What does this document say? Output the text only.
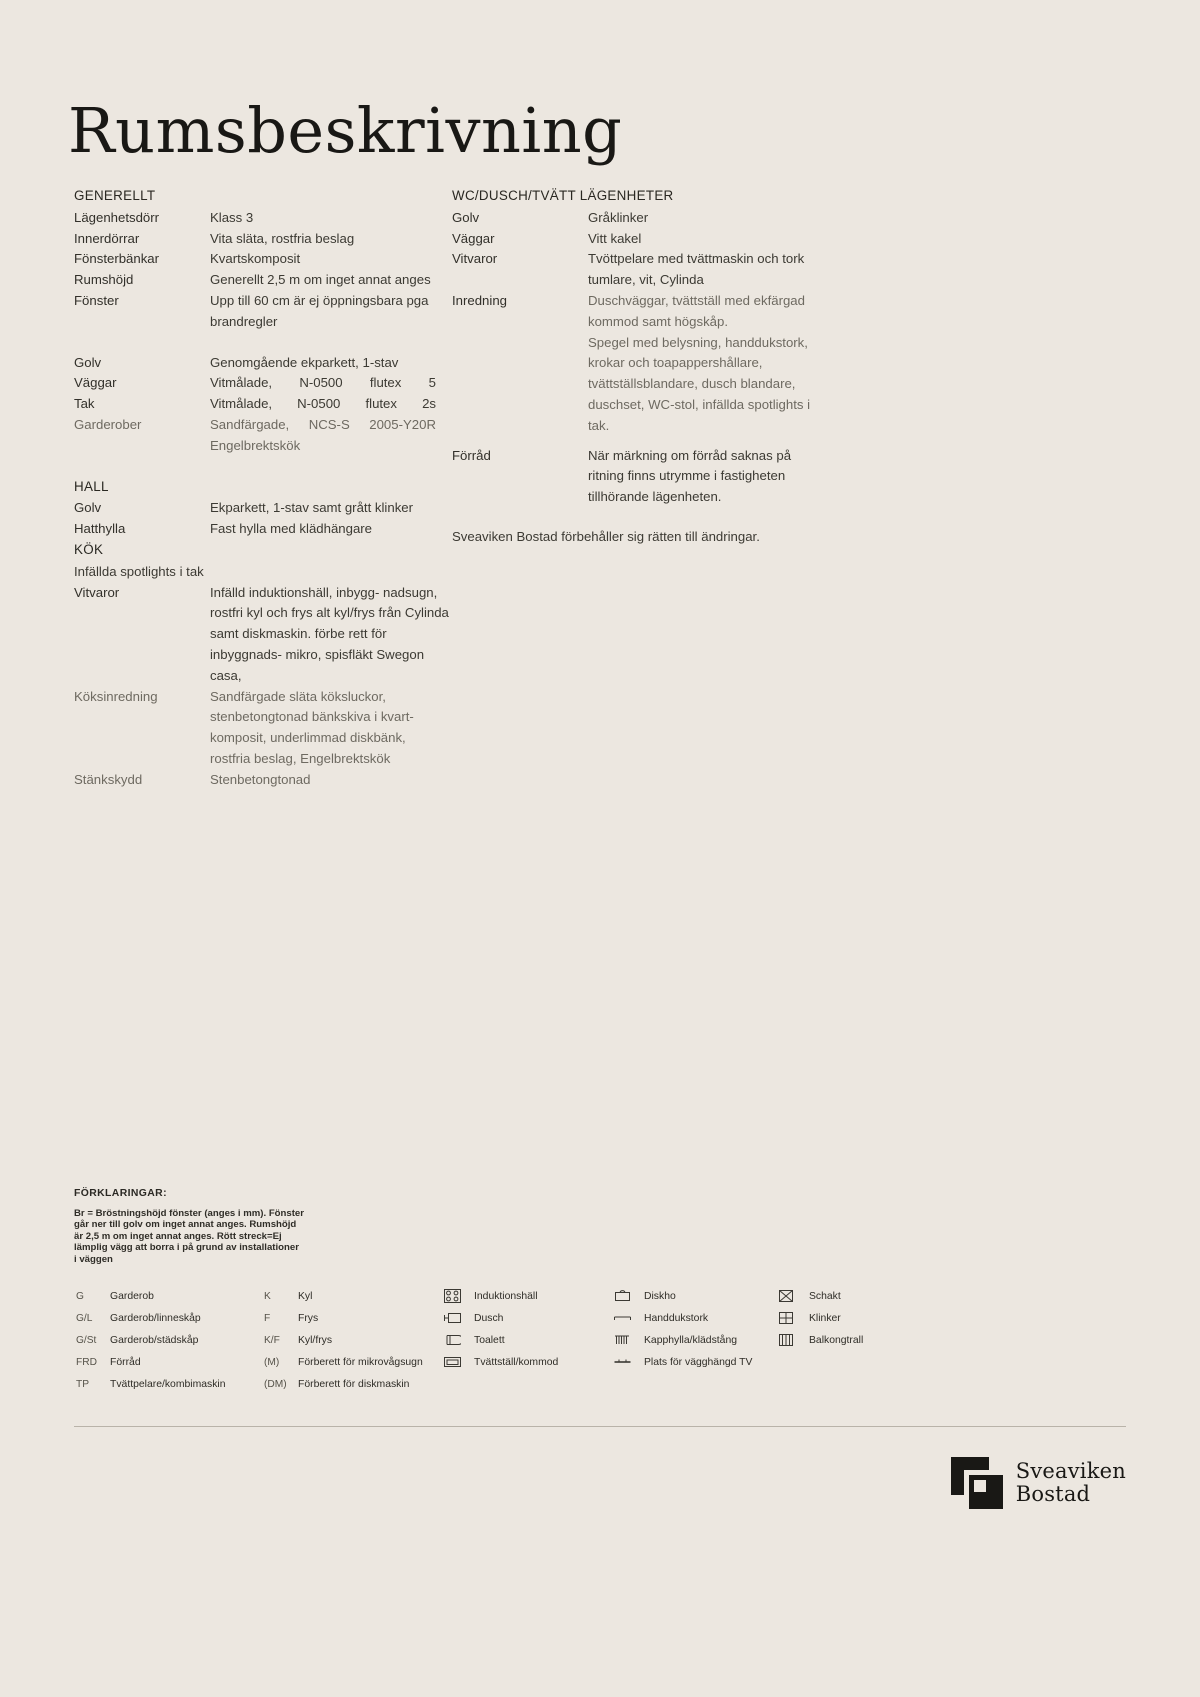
Rumsbeskrivning
GENERELLT
Lägenhetsdörr	Klass 3
Innerdörrar	Vita släta, rostfria beslag
Fönsterbänkar	Kvartskomposit
Rumshöjd	Generellt 2,5 m om inget annat anges
Fönster	Upp till 60 cm är ej öppningsbara pga brandregler
Golv	Genomgående ekparkett, 1-stav
Väggar	Vitmålade, N-0500 flutex 5
Tak	Vitmålade, N-0500 flutex 2s
Garderober	Sandfärgade, NCS-S 2005-Y20R
Engelbrektskök
HALL
Golv	Ekparkett, 1-stav samt grått klinker
Hatthylla	Fast hylla med klädhängare
KÖK
Infällda spotlights i tak
Vitvaror	Infälld induktionshäll, inbygg- nadsugn, rostfri kyl och frys alt kyl/frys från Cylinda samt diskmaskin. förbe rett för inbyggnads- mikro, spisfläkt Swegon casa,
Köksinredning	Sandfärgade släta köksluckor, stenbetongtonad bänkskiva i kvart- komposit, underlimmad diskbänk, rostfria beslag, Engelbrektskök
Stänkskydd	Stenbetongtonad
WC/DUSCH/TVÄTT LÄGENHETER
Golv	Gråklinker
Väggar	Vitt kakel
Vitvaror	Tvöttpelare med tvättmaskin och tork tumlare, vit, Cylinda
Inredning	Duschväggar, tvättställ med ekfärgad kommod samt högskåp.
Spegel med belysning, handdukstork, krokar och toapappershållare, tvättställsblandare, dusch blandare, duschset, WC-stol, infällda spotlights i tak.
Förråd	När märkning om förråd saknas på ritning finns utrymme i fastigheten tillhörande lägenheten.
Sveaviken Bostad förbehåller sig rätten till ändringar.
FÖRKLARINGAR:
Br = Bröstningshöjd fönster (anges i mm). Fönster går ner till golv om inget annat anges. Rumshöjd är 2,5 m om inget annat anges. Rött streck=Ej lämplig vägg att borra i på grund av installationer i väggen
G	Garderob
G/L	Garderob/linneskåp
G/St	Garderob/städskåp
FRD	Förråd
TP	Tvättpelare/kombimaskin
K	Kyl
F	Frys
K/F	Kyl/frys
(M)	Förberett för mikrovågsugn
(DM)	Förberett för diskmaskin
Induktionshäll
Dusch
Toalett
Tvättställ/kommod
Diskho
Handdukstork
Kapphylla/klädstång
Plats för vägghängd TV
Schakt
Klinker
Balkongtrall
Sveaviken
Bostad
